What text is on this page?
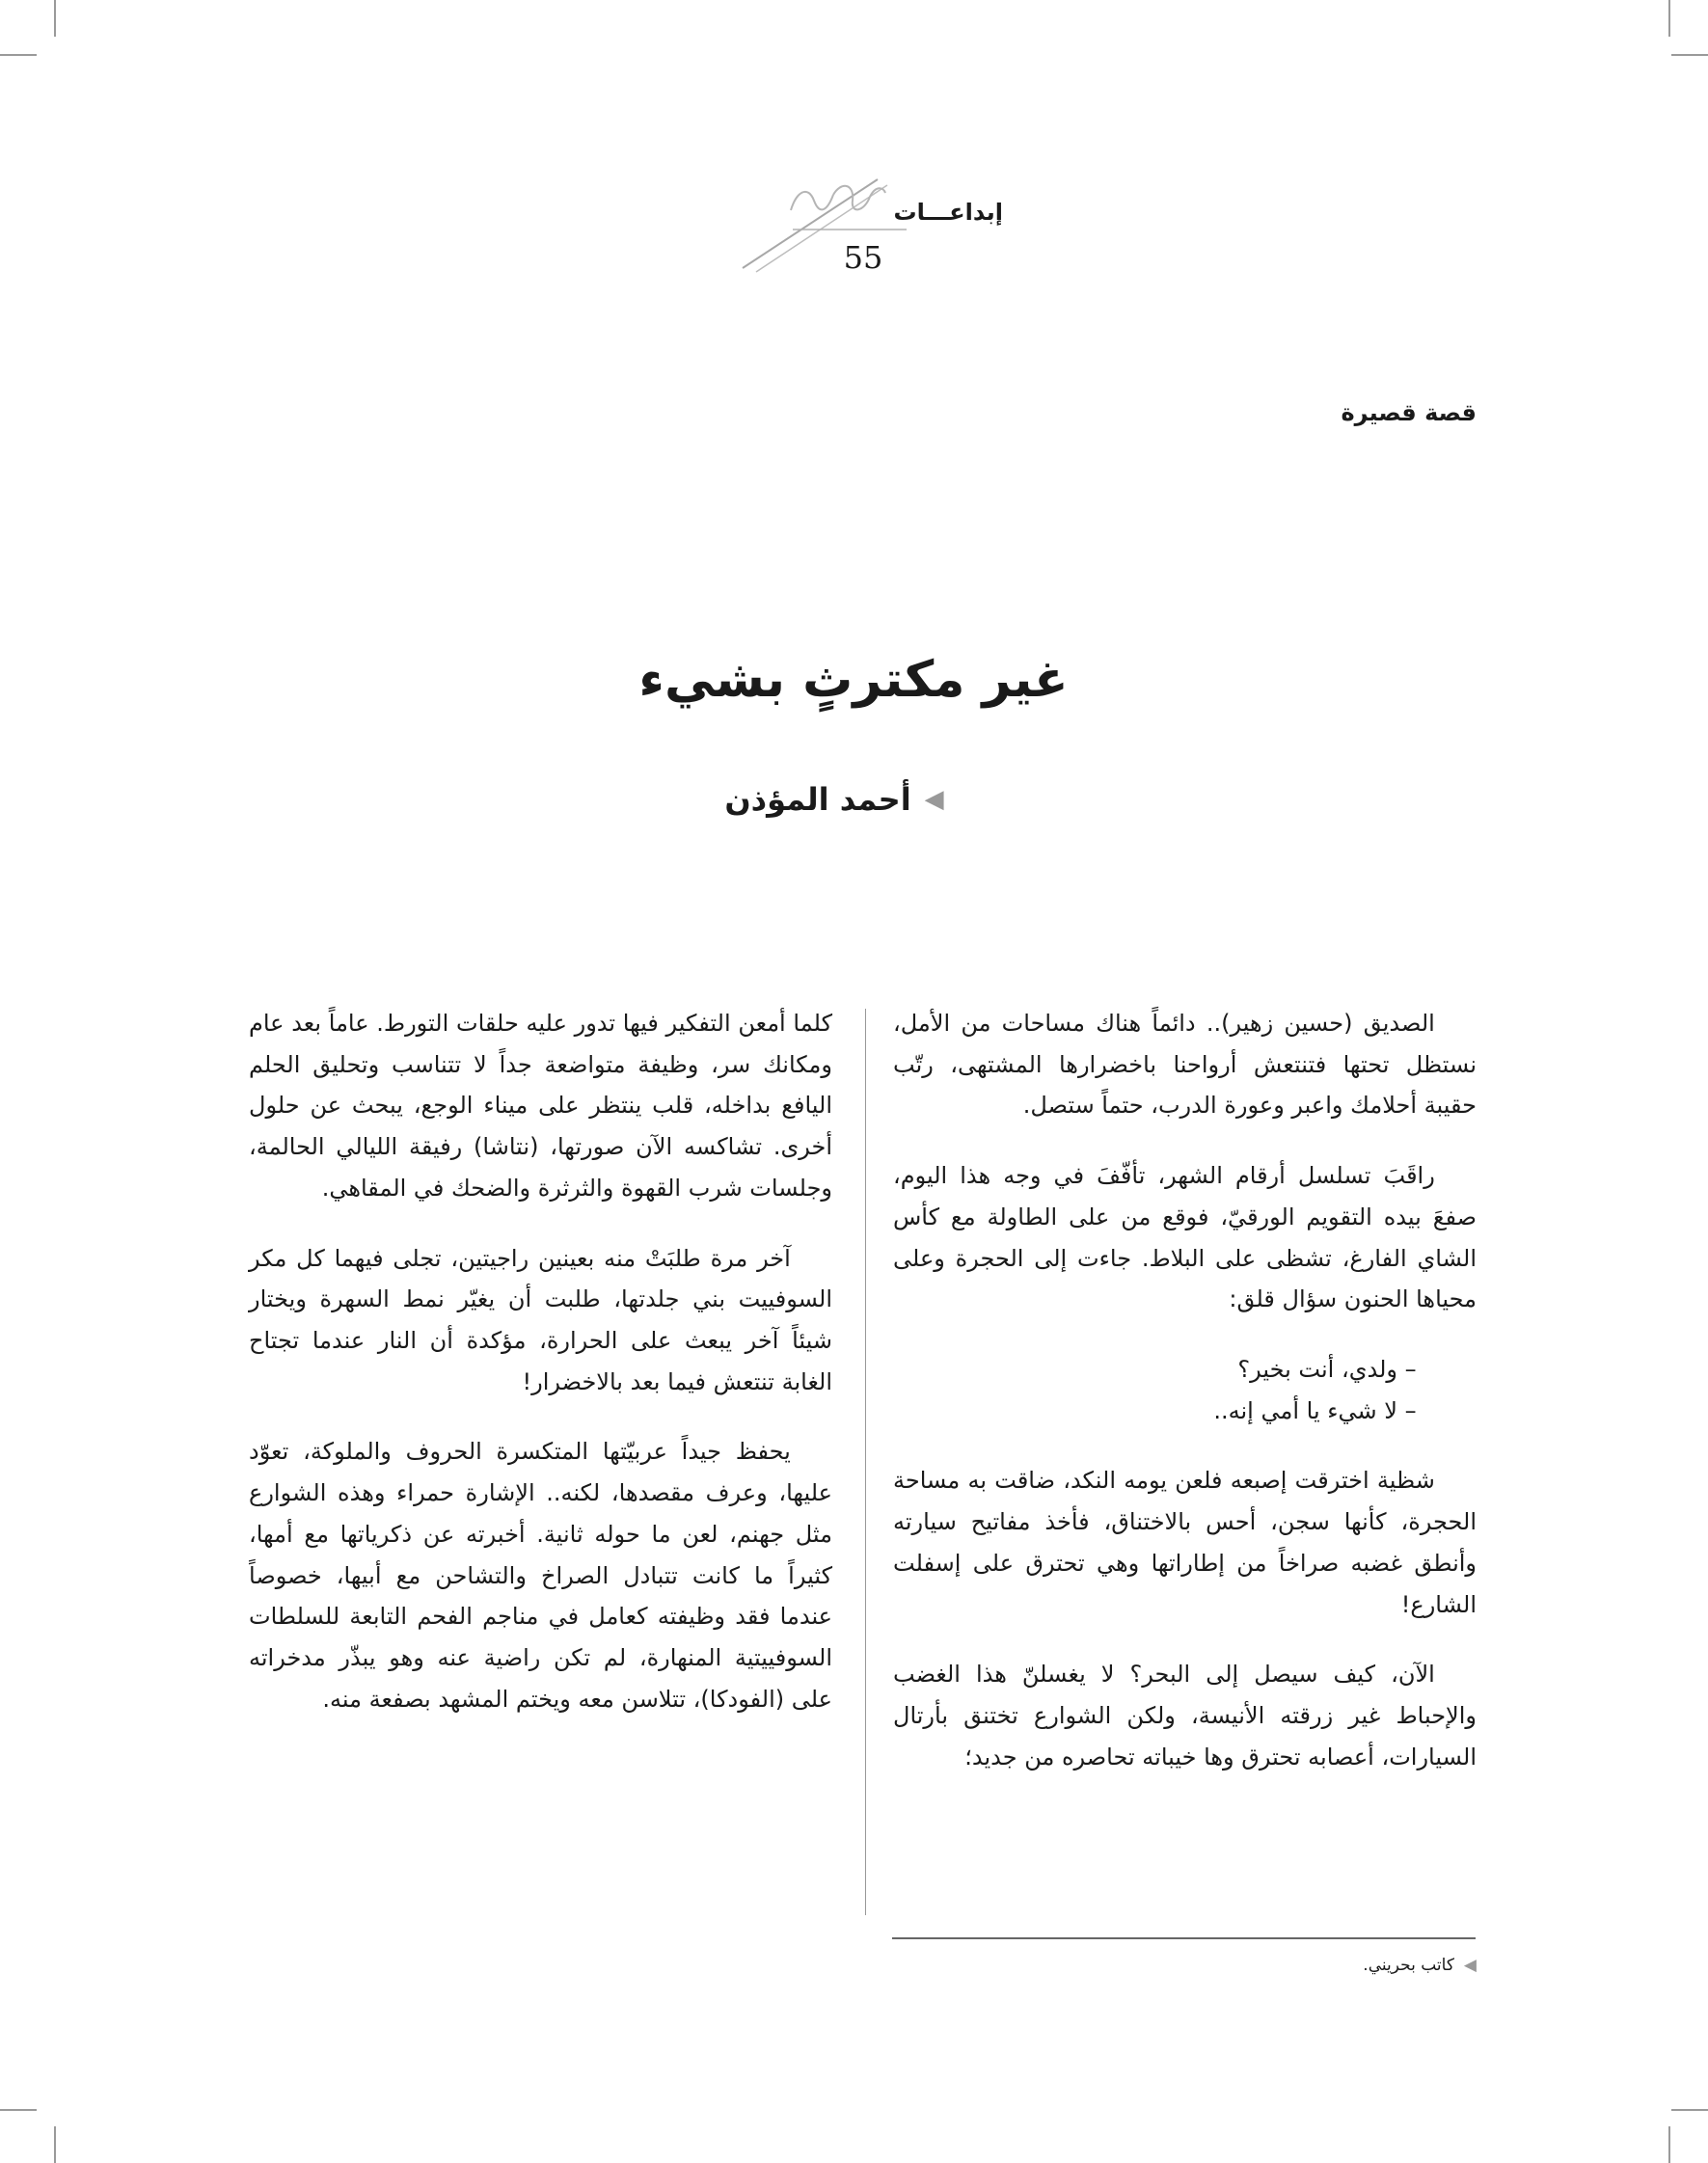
إبداعـــات
55
قصة قصيرة
غير مكترثٍ بشيء
◀
أحمد المؤذن

الصديق (حسين زهير).. دائماً هناك مساحات من الأمل، نستظل تحتها فتنتعش أرواحنا باخضرارها المشتهى، رتّب حقيبة أحلامك واعبر وعورة الدرب، حتماً ستصل.

راقَبَ تسلسل أرقام الشهر، تأفّفَ في وجه هذا اليوم، صفعَ بيده التقويم الورقيّ، فوقع من على الطاولة مع كأس الشاي الفارغ، تشظى على البلاط. جاءت إلى الحجرة وعلى محياها الحنون سؤال قلق:

– ولدي، أنت بخير؟

– لا شيء يا أمي إنه..

شظية اخترقت إصبعه فلعن يومه النكد، ضاقت به مساحة الحجرة، كأنها سجن، أحس بالاختناق، فأخذ مفاتيح سيارته وأنطق غضبه صراخاً من إطاراتها وهي تحترق على إسفلت الشارع!

الآن، كيف سيصل إلى البحر؟ لا يغسلنّ هذا الغضب والإحباط غير زرقته الأنيسة، ولكن الشوارع تختنق بأرتال السيارات، أعصابه تحترق وها خيباته تحاصره من جديد؛

كلما أمعن التفكير فيها تدور عليه حلقات التورط. عاماً بعد عام ومكانك سر، وظيفة متواضعة جداً لا تتناسب وتحليق الحلم اليافع بداخله، قلب ينتظر على ميناء الوجع، يبحث عن حلول أخرى. تشاكسه الآن صورتها، (نتاشا) رفيقة الليالي الحالمة، وجلسات شرب القهوة والثرثرة والضحك في المقاهي.

آخر مرة طلبَتْ منه بعينين راجيتين، تجلى فيهما كل مكر السوفييت بني جلدتها، طلبت أن يغيّر نمط السهرة ويختار شيئاً آخر يبعث على الحرارة، مؤكدة أن النار عندما تجتاح الغابة تنتعش فيما بعد بالاخضرار!

يحفظ جيداً عربيّتها المتكسرة الحروف والملوكة، تعوّد عليها، وعرف مقصدها، لكنه.. الإشارة حمراء وهذه الشوارع مثل جهنم، لعن ما حوله ثانية. أخبرته عن ذكرياتها مع أمها، كثيراً ما كانت تتبادل الصراخ والتشاحن مع أبيها، خصوصاً عندما فقد وظيفته كعامل في مناجم الفحم التابعة للسلطات السوفييتية المنهارة، لم تكن راضية عنه وهو يبذّر مدخراته على (الفودكا)، تتلاسن معه ويختم المشهد بصفعة منه.

◀
كاتب بحريني.
